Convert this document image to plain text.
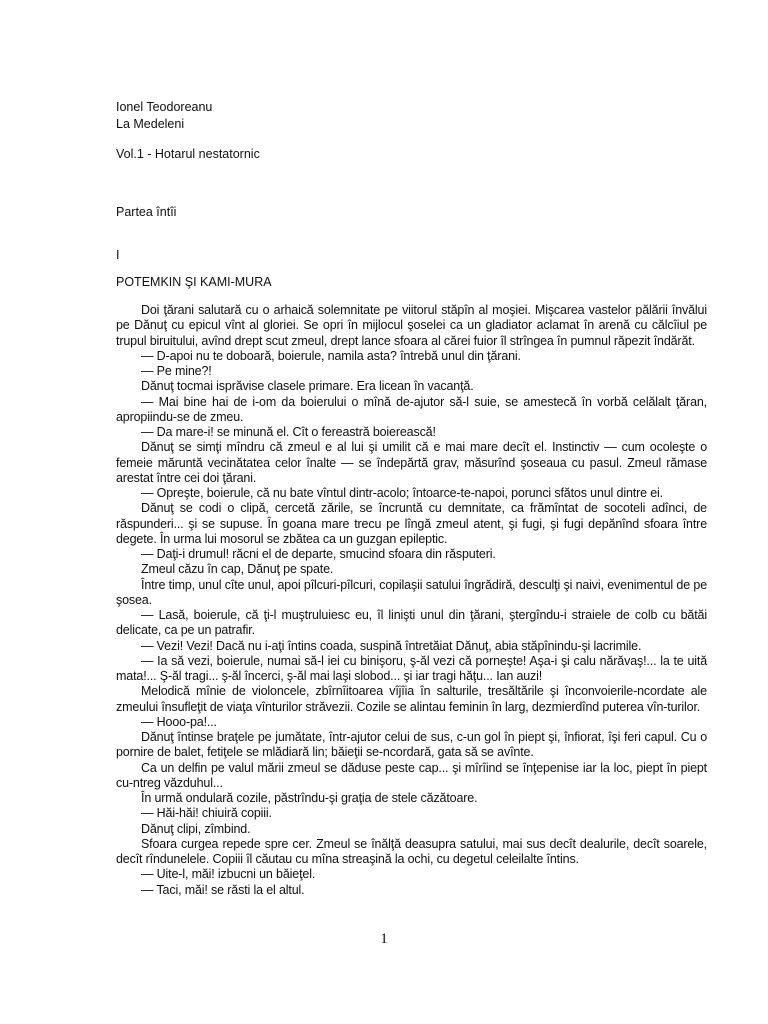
Ionel Teodoreanu
La Medeleni
Vol.1 - Hotarul nestatornic
Partea întîi
I
POTEMKIN ŞI KAMI-MURA

Doi ţărani salutară cu o arhaică solemnitate pe viitorul stăpîn al moşiei. Mişcarea vastelor pălării învălui pe Dănuţ cu epicul vînt al gloriei. Se opri în mijlocul şoselei ca un gladiator aclamat în arenă cu călcîiul pe trupul biruitului, avînd drept scut zmeul, drept lance sfoara al cărei fuior îl strîngea în pumnul răpezit îndărăt.

— D-apoi nu te doboară, boierule, namila asta? întrebă unul din ţărani.

— Pe mine?!

Dănuţ tocmai isprăvise clasele primare. Era licean în vacanţă.

— Mai bine hai de i-om da boierului o mînă de-ajutor să-l suie, se amestecă în vorbă celălalt ţăran, apropiindu-se de zmeu.

— Da mare-i! se minună el. Cît o fereastră boierească!

Dănuţ se simţi mîndru că zmeul e al lui şi umilit că e mai mare decît el. Instinctiv — cum ocoleşte o femeie măruntă vecinătatea celor înalte — se îndepărtă grav, măsurînd şoseaua cu pasul. Zmeul rămase arestat între cei doi ţărani.

— Opreşte, boierule, că nu bate vîntul dintr-acolo; întoarce-te-napoi, porunci sfătos unul dintre ei.

Dănuţ se codi o clipă, cercetă zările, se încruntă cu demnitate, ca frămîntat de socoteli adînci, de răspunderi... şi se supuse. În goana mare trecu pe lîngă zmeul atent, şi fugi, şi fugi depănînd sfoara între degete. În urma lui mosorul se zbătea ca un guzgan epileptic.

— Daţi-i drumul! răcni el de departe, smucind sfoara din răsputeri.

Zmeul căzu în cap, Dănuţ pe spate.

Între timp, unul cîte unul, apoi pîlcuri-pîlcuri, copilaşii satului îngrădiră, desculţi şi naivi, evenimentul de pe şosea.

— Lasă, boierule, că ţi-l muştruluiesc eu, îl linişti unul din ţărani, ştergîndu-i straiele de colb cu bătăi delicate, ca pe un patrafir.

— Vezi! Vezi! Dacă nu i-aţi întins coada, suspină întretăiat Dănuţ, abia stăpînindu-şi lacrimile.

— Ia să vezi, boierule, numai să-l iei cu binişoru, ş-ăl vezi că porneşte! Aşa-i şi calu nărăvaş!... la te uită mata!... Ş-ăl tragi... ş-ăl încerci, ş-ăl mai laşi slobod... şi iar tragi hăţu... Ian auzi!

Melodică mînie de violoncele, zbîrnîitoarea vîjîia în salturile, tresăltările şi înconvoierile-ncordate ale zmeului însufleţit de viaţa vînturilor străvezii. Cozile se alintau feminin în larg, dezmierdînd puterea vîn-turilor.

— Hooo-pa!...

Dănuţ întinse braţele pe jumătate, într-ajutor celui de sus, c-un gol în piept şi, înfiorat, îşi feri capul. Cu o pornire de balet, fetiţele se mlădiară lin; băieţii se-ncordară, gata să se avînte.

Ca un delfin pe valul mării zmeul se dăduse peste cap... şi mîrîind se înţepenise iar la loc, piept în piept cu-ntreg văzduhul...

În urmă ondulară cozile, păstrîndu-şi graţia de stele căzătoare.

— Hăi-hăi! chiuiră copiii.

Dănuţ clipi, zîmbind.

Sfoara curgea repede spre cer. Zmeul se înălţă deasupra satului, mai sus decît dealurile, decît soarele, decît rîndunelele. Copiii îl căutau cu mîna streaşină la ochi, cu degetul celeilalte întins.

— Uite-l, măi! izbucni un băieţel.

— Taci, măi! se răsti la el altul.

1
